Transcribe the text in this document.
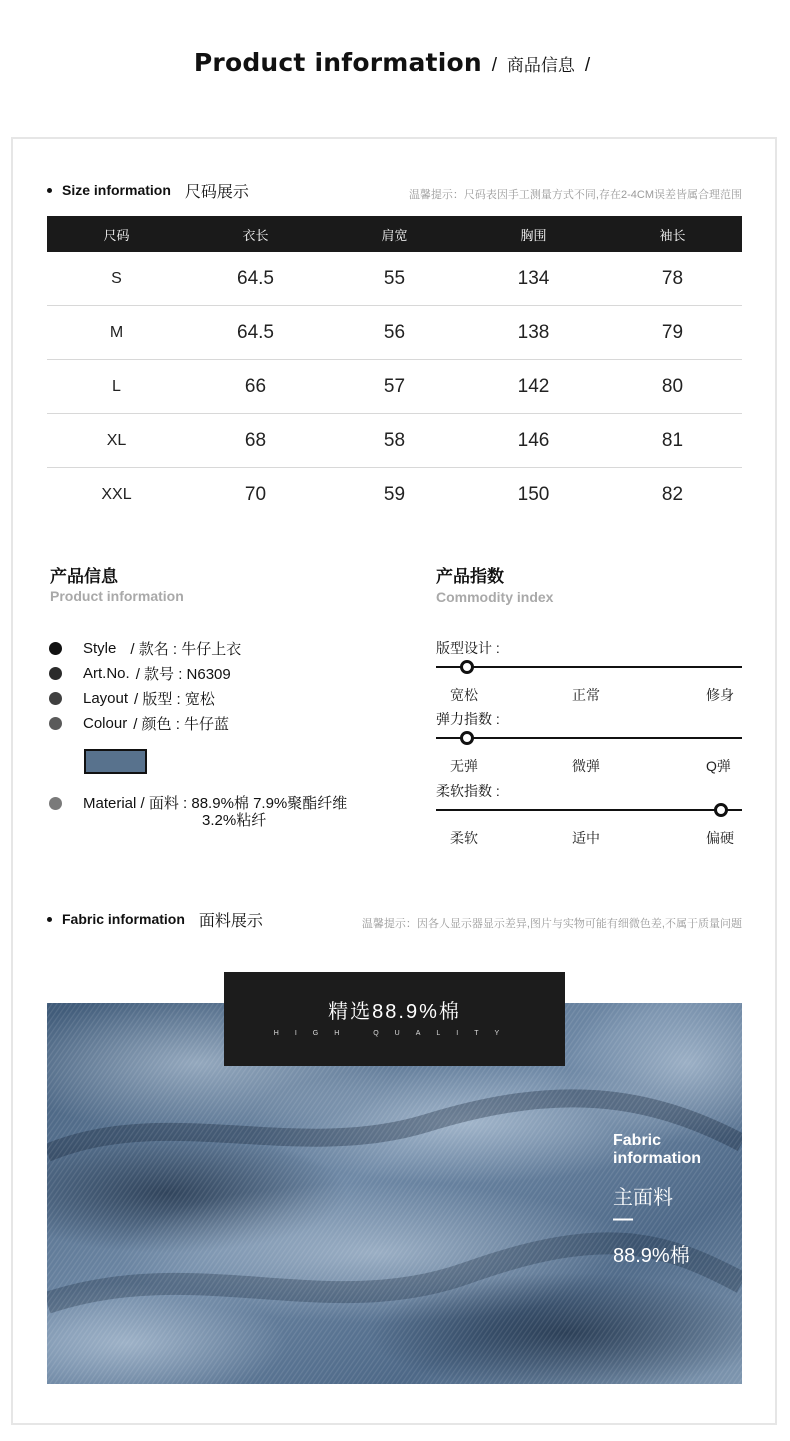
Product information / 商品信息 /
Size information 尺码展示	温馨提示：尺码表因手工测量方式不同,存在2-4CM误差皆属合理范围
尺码	衣长	肩宽	胸围	袖长
S	64.5	55	134	78
M	64.5	56	138	79
L	66	57	142	80
XL	68	58	146	81
XXL	70	59	150	82
产品信息
Product information
Style / 款名 : 牛仔上衣
Art.No. / 款号 : N6309
Layout / 版型 : 宽松
Colour / 颜色 : 牛仔蓝
Material / 面料 : 88.9%棉 7.9%聚酯纤维
3.2%粘纤
产品指数
Commodity index
版型设计 :
宽松	正常	修身
弹力指数 :
无弹	微弹	Q弹
柔软指数 :
柔软	适中	偏硬
Fabric information 面料展示	温馨提示：因各人显示器显示差异,图片与实物可能有细微色差,不属于质量问题
Fabric
information
主面料
—
88.9%棉
精选88.9%棉
HIGH QUALITY
